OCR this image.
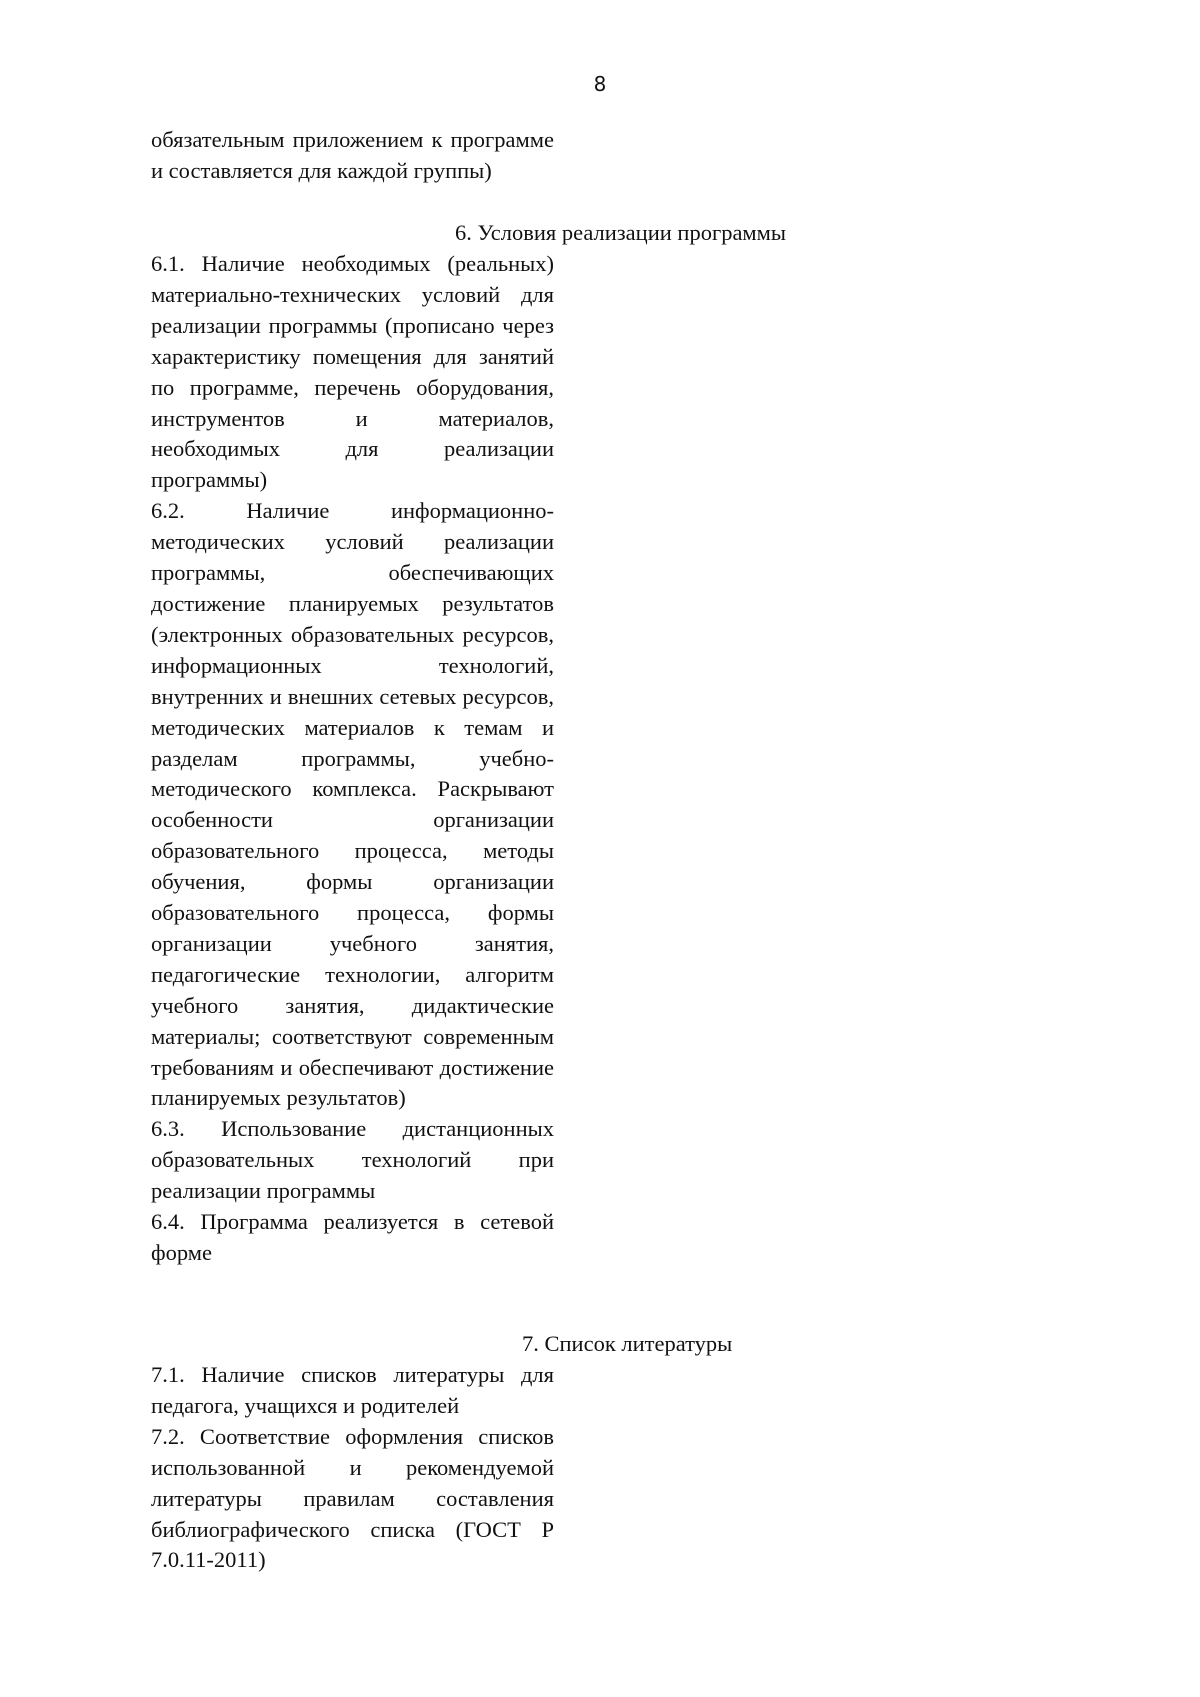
8

обязательным приложением к программе и составляется для каждой группы)

6. Условия реализации программы

6.1. Наличие необходимых (реальных) материально-технических условий для реализации программы (прописано через характеристику помещения для занятий по программе, перечень оборудования, инструментов и материалов, необходимых для реализации программы)

6.2. Наличие информационно-методических условий реализации программы, обеспечивающих достижение планируемых результатов (электронных образовательных ресурсов, информационных технологий, внутренних и внешних сетевых ресурсов, методических материалов к темам и разделам программы, учебно-методического комплекса. Раскрывают особенности организации образовательного процесса, методы обучения, формы организации образовательного процесса, формы организации учебного занятия, педагогические технологии, алгоритм учебного занятия, дидактические материалы; соответствуют современным требованиям и обеспечивают достижение планируемых результатов)

6.3. Использование дистанционных образовательных технологий при реализации программы

6.4. Программа реализуется в сетевой форме

7. Список литературы

7.1. Наличие списков литературы для педагога, учащихся и родителей

7.2. Соответствие оформления списков использованной и рекомендуемой литературы правилам составления библиографического списка (ГОСТ Р 7.0.11-2011)
